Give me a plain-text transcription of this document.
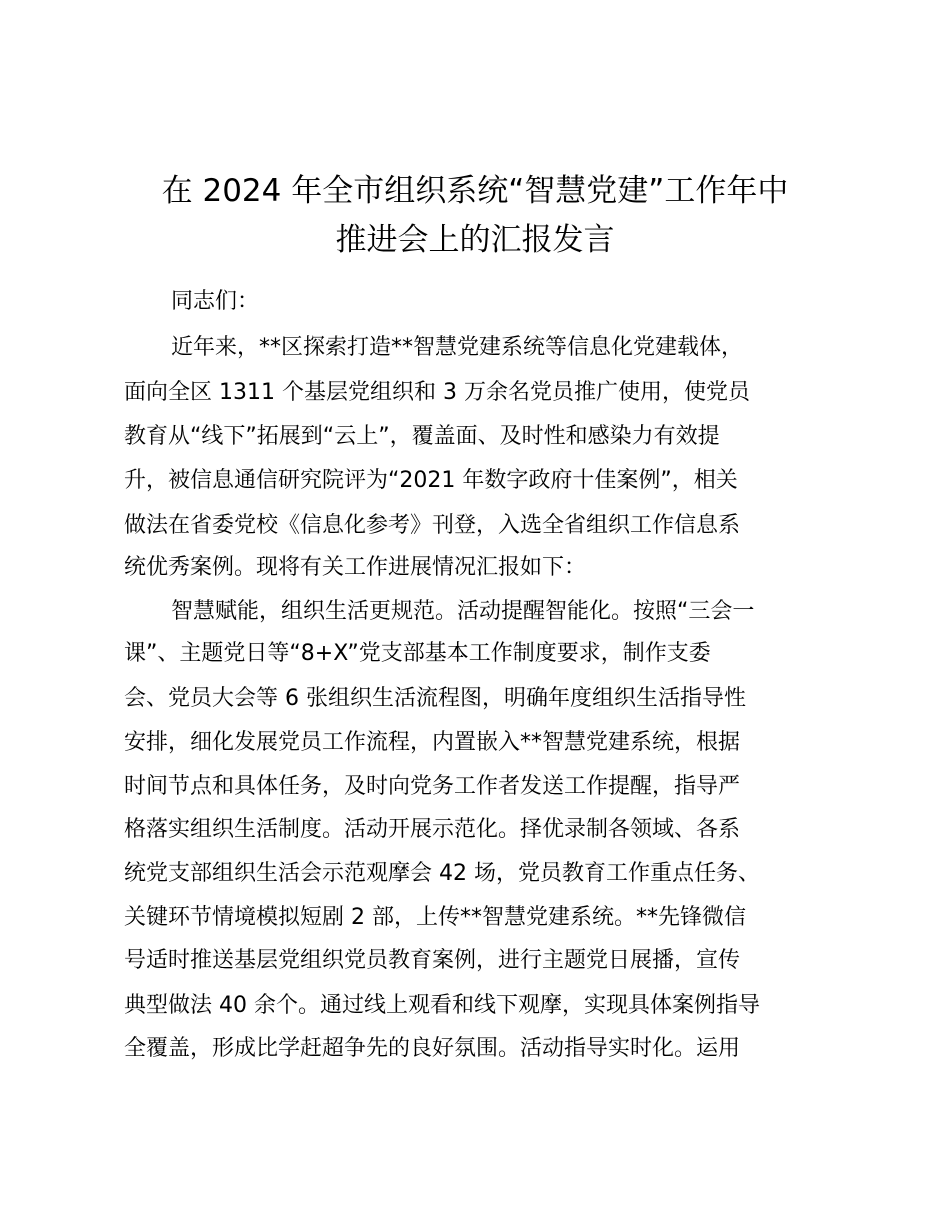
在 2024 年全市组织系统“智慧党建”工作年中
推进会上的汇报发言
同志们：
近年来，**区探索打造**智慧党建系统等信息化党建载体，
面向全区 1311 个基层党组织和 3 万余名党员推广使用，使党员
教育从“线下”拓展到“云上”，覆盖面、及时性和感染力有效提
升，被信息通信研究院评为“2021 年数字政府十佳案例”，相关
做法在省委党校《信息化参考》刊登，入选全省组织工作信息系
统优秀案例。现将有关工作进展情况汇报如下：
智慧赋能，组织生活更规范。活动提醒智能化。按照“三会一
课”、主题党日等“8+X”党支部基本工作制度要求，制作支委
会、党员大会等 6 张组织生活流程图，明确年度组织生活指导性
安排，细化发展党员工作流程，内置嵌入**智慧党建系统，根据
时间节点和具体任务，及时向党务工作者发送工作提醒，指导严
格落实组织生活制度。活动开展示范化。择优录制各领域、各系
统党支部组织生活会示范观摩会 42 场，党员教育工作重点任务、
关键环节情境模拟短剧 2 部，上传**智慧党建系统。**先锋微信
号适时推送基层党组织党员教育案例，进行主题党日展播，宣传
典型做法 40 余个。通过线上观看和线下观摩，实现具体案例指导
全覆盖，形成比学赶超争先的良好氛围。活动指导实时化。运用
